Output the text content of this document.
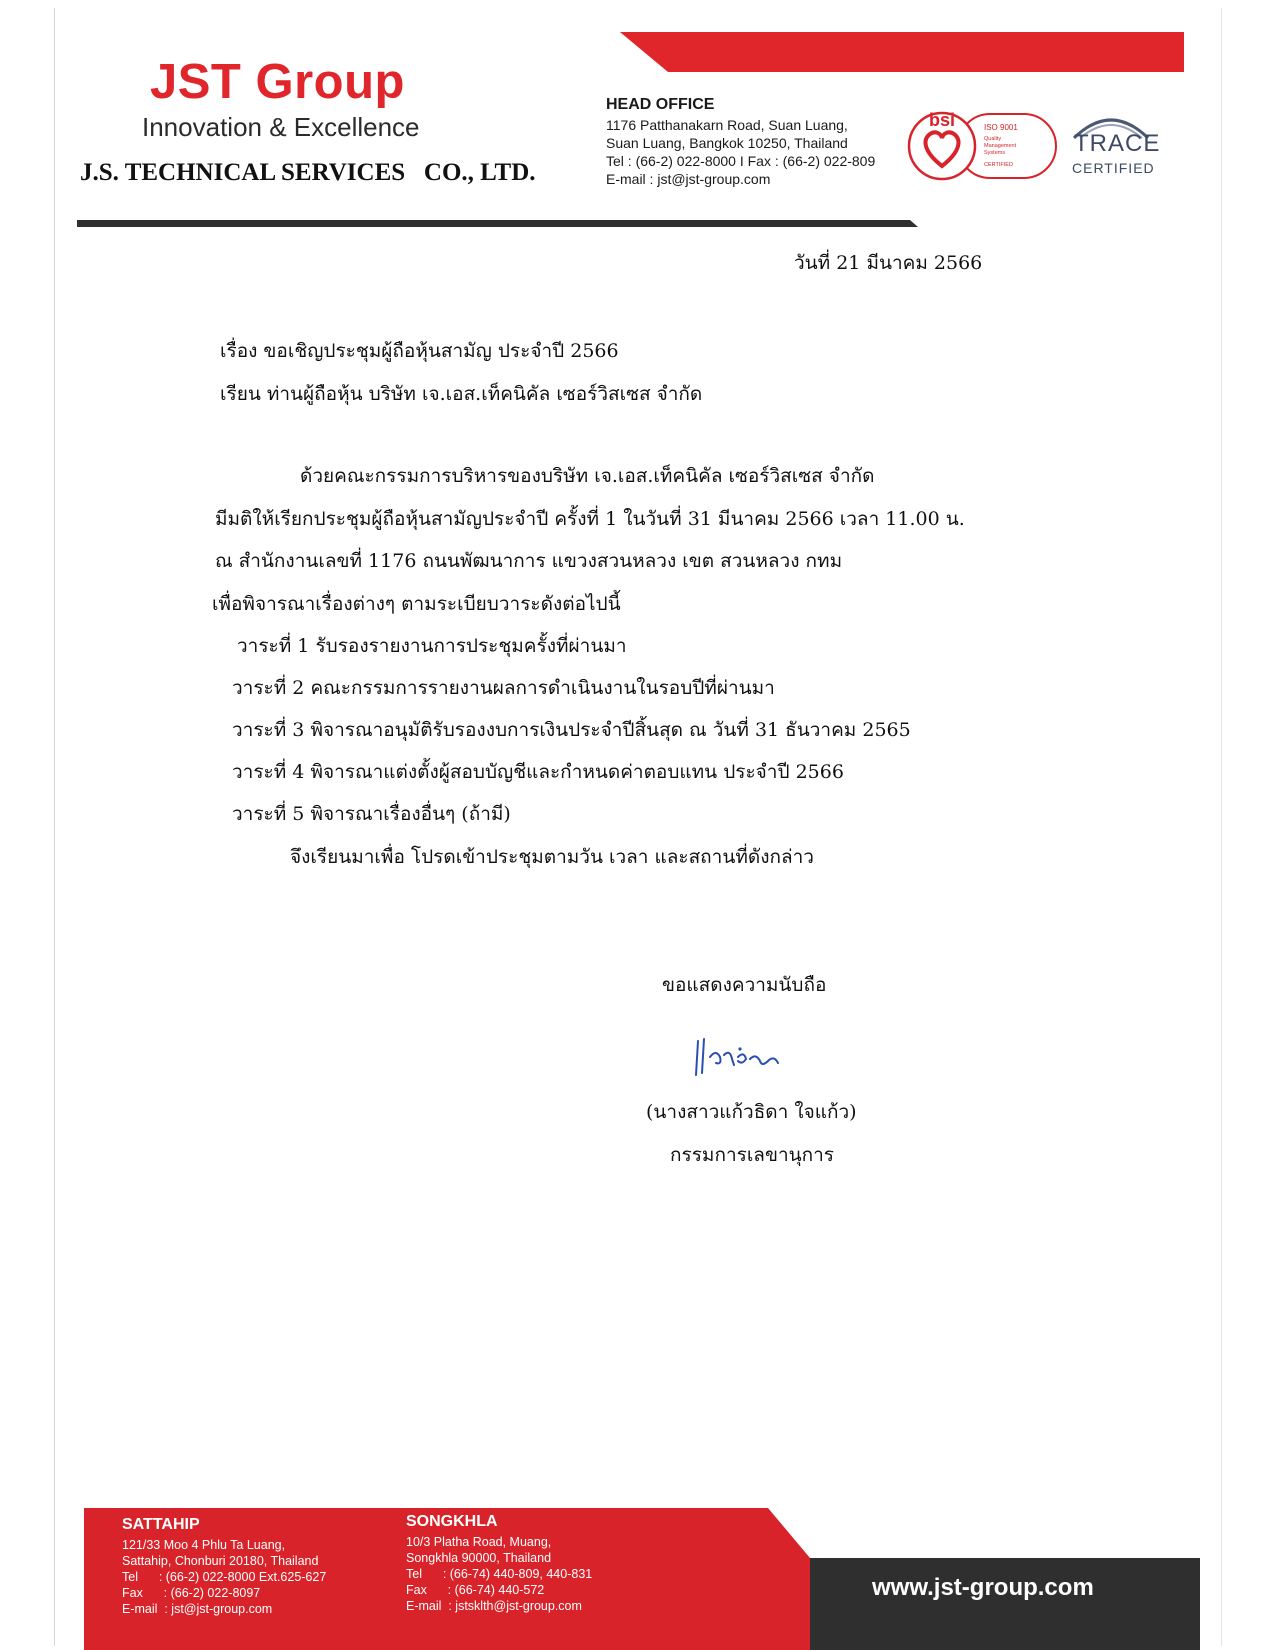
JST Group
Innovation & Excellence
J.S. TECHNICAL SERVICES   CO., LTD.
HEAD OFFICE
1176 Patthanakarn Road, Suan Luang,
Suan Luang, Bangkok 10250, Thailand
Tel : (66-2) 022-8000 I Fax : (66-2) 022-809
E-mail : jst@jst-group.com
bsi	ISO 9001
Quality
Management
Systems
CERTIFIED
TRACE
CERTIFIED
วันที่ 21 มีนาคม 2566
เรื่อง ขอเชิญประชุมผู้ถือหุ้นสามัญ ประจำปี 2566
เรียน ท่านผู้ถือหุ้น บริษัท เจ.เอส.เท็คนิคัล เซอร์วิสเซส จำกัด
ด้วยคณะกรรมการบริหารของบริษัท เจ.เอส.เท็คนิคัล เซอร์วิสเซส จำกัด
มีมติให้เรียกประชุมผู้ถือหุ้นสามัญประจำปี ครั้งที่ 1 ในวันที่ 31 มีนาคม 2566 เวลา 11.00 น.
ณ สำนักงานเลขที่ 1176 ถนนพัฒนาการ แขวงสวนหลวง เขต สวนหลวง กทม
เพื่อพิจารณาเรื่องต่างๆ ตามระเบียบวาระดังต่อไปนี้
วาระที่ 1 รับรองรายงานการประชุมครั้งที่ผ่านมา
วาระที่ 2 คณะกรรมการรายงานผลการดำเนินงานในรอบปีที่ผ่านมา
วาระที่ 3 พิจารณาอนุมัติรับรองงบการเงินประจำปีสิ้นสุด ณ วันที่ 31 ธันวาคม 2565
วาระที่ 4 พิจารณาแต่งตั้งผู้สอบบัญชีและกำหนดค่าตอบแทน ประจำปี 2566
วาระที่ 5 พิจารณาเรื่องอื่นๆ (ถ้ามี)
จึงเรียนมาเพื่อ โปรดเข้าประชุมตามวัน เวลา และสถานที่ดังกล่าว
ขอแสดงความนับถือ
(นางสาวแก้วธิดา ใจแก้ว)
กรรมการเลขานุการ
SATTAHIP
121/33 Moo 4 Phlu Ta Luang,
Sattahip, Chonburi 20180, Thailand
Tel      : (66-2) 022-8000 Ext.625-627
Fax      : (66-2) 022-8097
E-mail  : jst@jst-group.com
SONGKHLA
10/3 Platha Road, Muang,
Songkhla 90000, Thailand
Tel      : (66-74) 440-809, 440-831
Fax      : (66-74) 440-572
E-mail  : jstsklth@jst-group.com
www.jst-group.com
